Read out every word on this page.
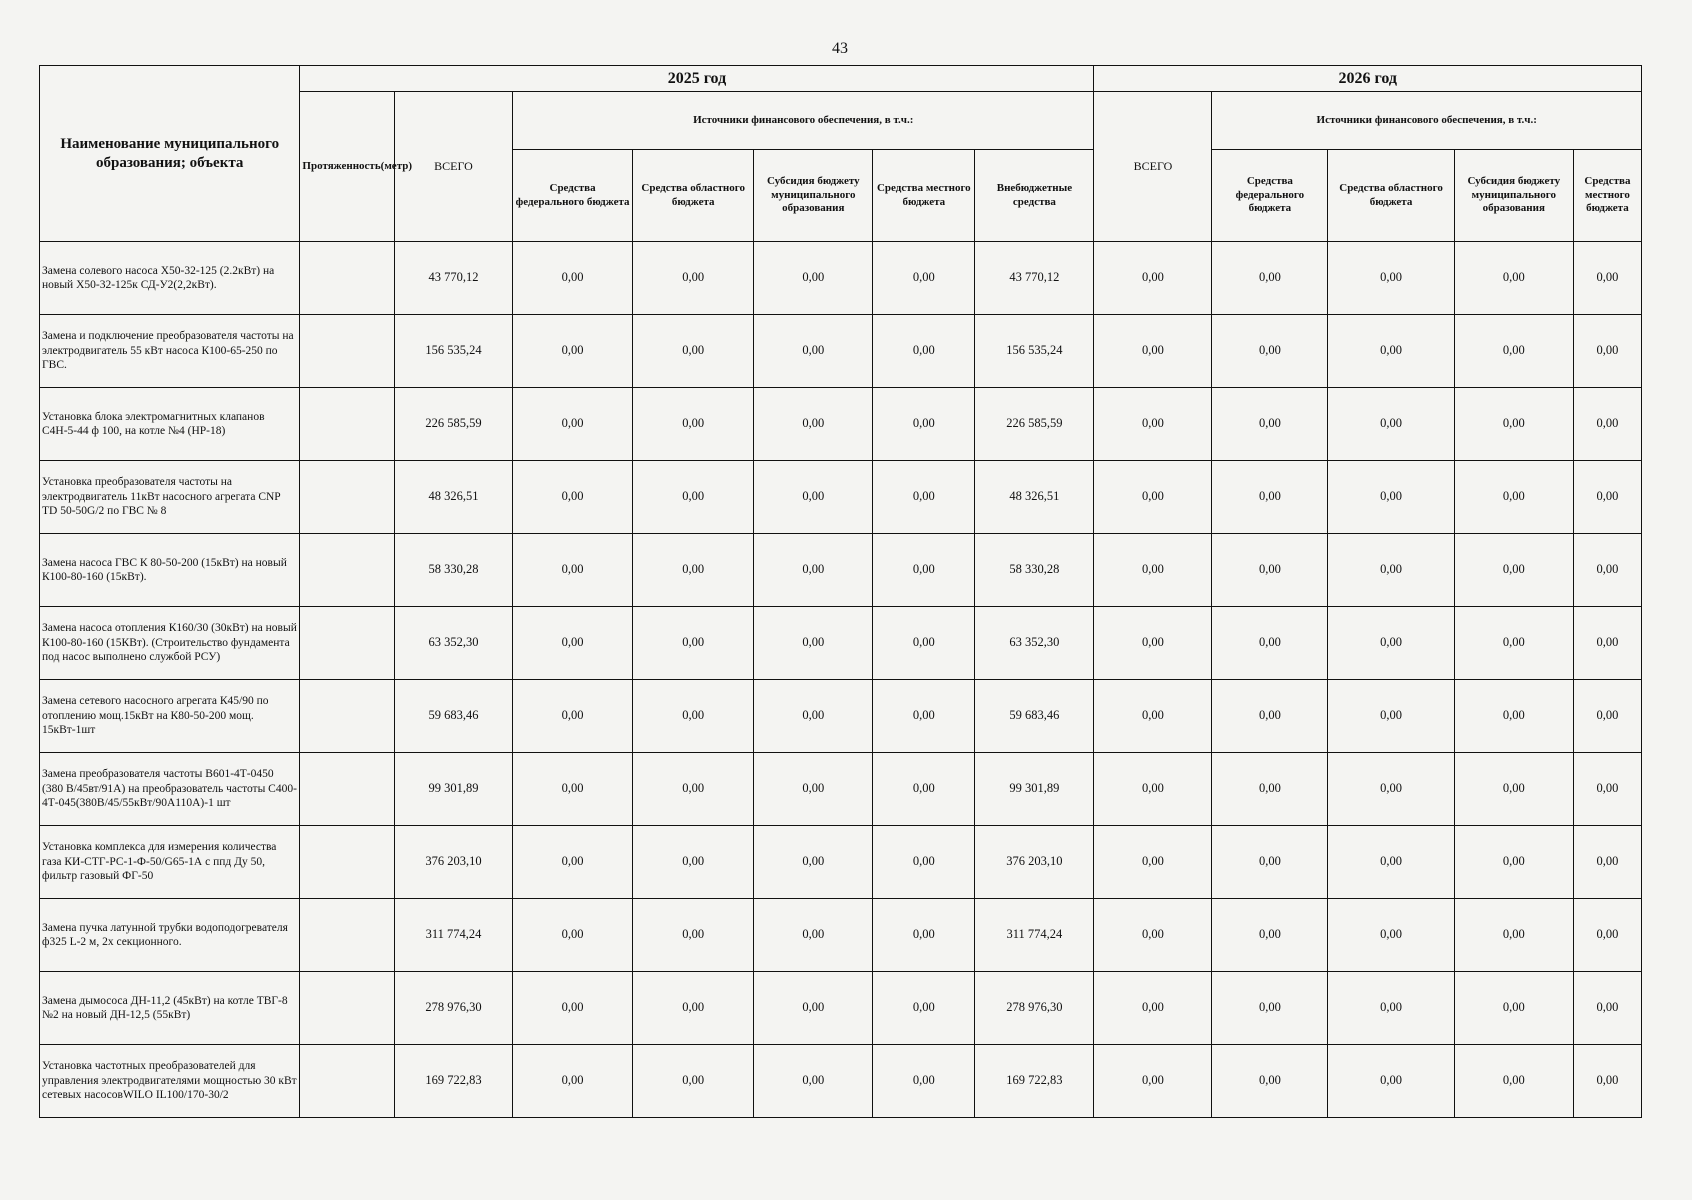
43
Наименование муниципального образования; объекта	2025 год							2026 год				
	Протяженность(метр)	ВСЕГО	Источники финансового обеспечения, в т.ч.:					ВСЕГО	Источники финансового обеспечения, в т.ч.:			
			Средства федерального бюджета	Средства областного бюджета	Субсидия бюджету муниципального образования	Средства местного бюджета	Внебюджетные средства		Средства федерального бюджета	Средства областного бюджета	Субсидия бюджету муниципального образования	Средства местного бюджета
Замена солевого насоса Х50-32-125 (2.2кВт) на новый Х50-32-125к СД-У2(2,2кВт).		43 770,12	0,00	0,00	0,00	0,00	43 770,12	0,00	0,00	0,00	0,00	0,00
Замена и подключение преобразователя частоты на электродвигатель 55 кВт насоса К100-65-250 по ГВС.		156 535,24	0,00	0,00	0,00	0,00	156 535,24	0,00	0,00	0,00	0,00	0,00
Установка блока электромагнитных клапанов С4Н-5-44 ф 100, на котле №4 (НР-18)		226 585,59	0,00	0,00	0,00	0,00	226 585,59	0,00	0,00	0,00	0,00	0,00
Установка преобразователя частоты на электродвигатель 11кВт насосного агрегата CNP TD 50-50G/2 по ГВС № 8		48 326,51	0,00	0,00	0,00	0,00	48 326,51	0,00	0,00	0,00	0,00	0,00
Замена насоса ГВС К 80-50-200 (15кВт) на новый К100-80-160 (15кВт).		58 330,28	0,00	0,00	0,00	0,00	58 330,28	0,00	0,00	0,00	0,00	0,00
Замена насоса отопления К160/30 (30кВт) на новый К100-80-160 (15КВт). (Строительство фундамента под насос выполнено службой РСУ)		63 352,30	0,00	0,00	0,00	0,00	63 352,30	0,00	0,00	0,00	0,00	0,00
Замена сетевого насосного агрегата К45/90 по отоплению мощ.15кВт на К80-50-200 мощ. 15кВт-1шт		59 683,46	0,00	0,00	0,00	0,00	59 683,46	0,00	0,00	0,00	0,00	0,00
Замена преобразователя частоты В601-4Т-0450 (380 В/45вт/91А) на преобразователь частоты С400-4Т-045(380В/45/55кВт/90А110А)-1 шт		99 301,89	0,00	0,00	0,00	0,00	99 301,89	0,00	0,00	0,00	0,00	0,00
Установка комплекса для измерения количества газа КИ-СТГ-РС-1-Ф-50/G65-1А с ппд Ду 50, фильтр газовый ФГ-50		376 203,10	0,00	0,00	0,00	0,00	376 203,10	0,00	0,00	0,00	0,00	0,00
Замена пучка латунной трубки водоподогревателя ф325 L-2 м, 2х секционного.		311 774,24	0,00	0,00	0,00	0,00	311 774,24	0,00	0,00	0,00	0,00	0,00
Замена дымососа ДН-11,2 (45кВт) на котле ТВГ-8 №2 на новый ДН-12,5 (55кВт)		278 976,30	0,00	0,00	0,00	0,00	278 976,30	0,00	0,00	0,00	0,00	0,00
Установка частотных преобразователей для управления электродвигателями мощностью 30 кВт сетевых насосовWILO IL100/170-30/2		169 722,83	0,00	0,00	0,00	0,00	169 722,83	0,00	0,00	0,00	0,00	0,00
